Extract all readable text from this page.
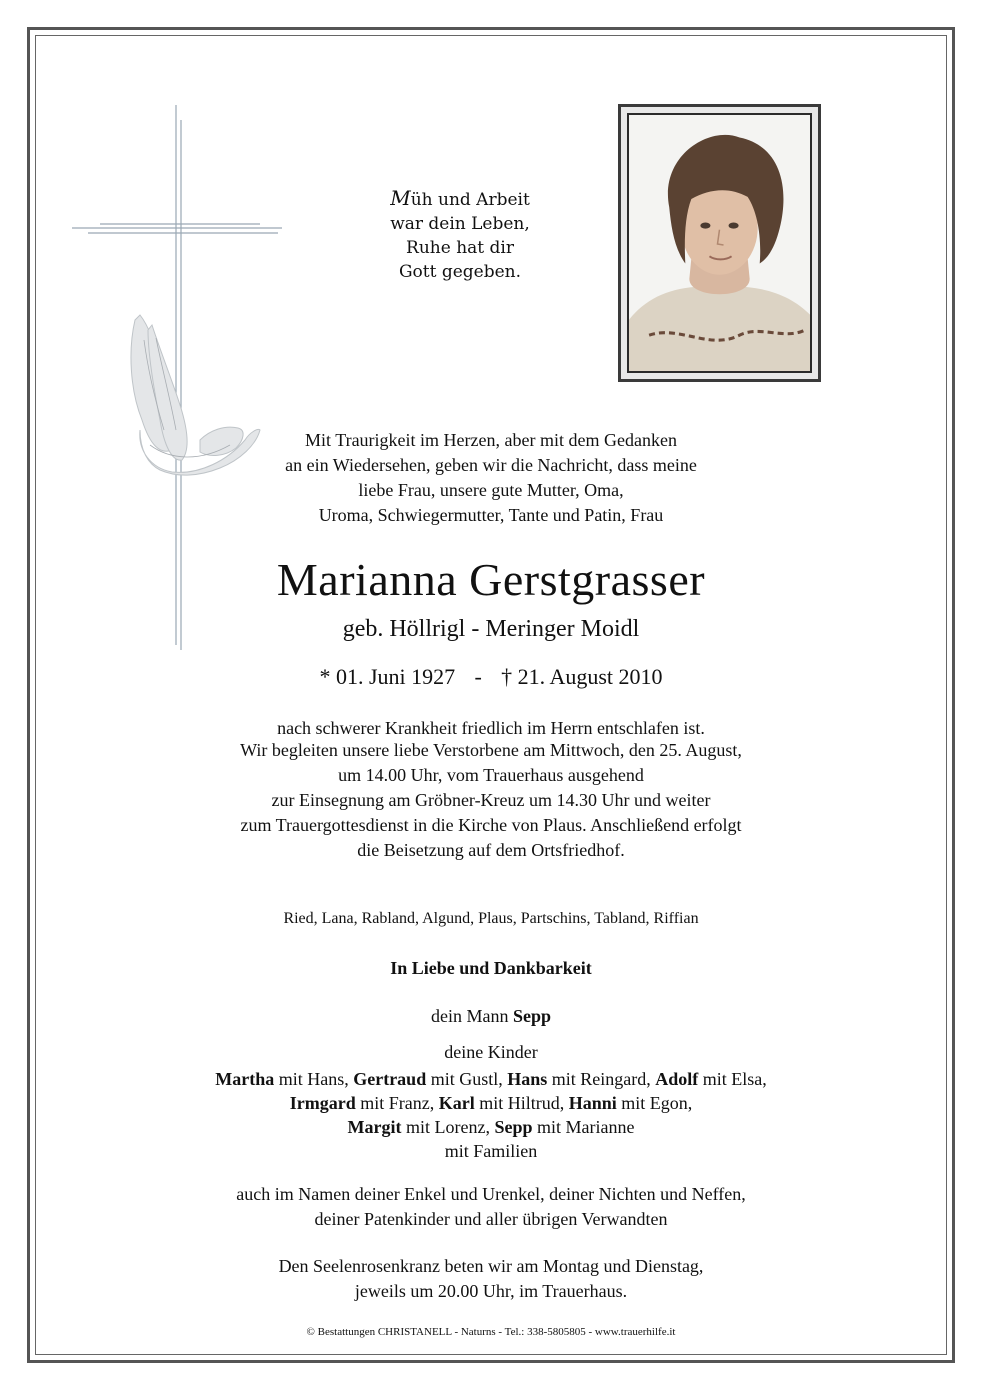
Müh und Arbeit
war dein Leben,
Ruhe hat dir
Gott gegeben.
Mit Traurigkeit im Herzen, aber mit dem Gedanken
an ein Wiedersehen, geben wir die Nachricht, dass meine
liebe Frau, unsere gute Mutter, Oma,
Uroma, Schwiegermutter, Tante und Patin, Frau
Marianna Gerstgrasser
geb. Höllrigl - Meringer Moidl
* 01. Juni 1927 - † 21. August 2010
nach schwerer Krankheit friedlich im Herrn entschlafen ist.
Wir begleiten unsere liebe Verstorbene am Mittwoch, den 25. August,
um 14.00 Uhr, vom Trauerhaus ausgehend
zur Einsegnung am Gröbner-Kreuz um 14.30 Uhr und weiter
zum Trauergottesdienst in die Kirche von Plaus. Anschließend erfolgt
die Beisetzung auf dem Ortsfriedhof.
Ried, Lana, Rabland, Algund, Plaus, Partschins, Tabland, Riffian
In Liebe und Dankbarkeit
dein Mann Sepp
deine Kinder
Martha mit Hans, Gertraud mit Gustl, Hans mit Reingard, Adolf mit Elsa,
Irmgard mit Franz, Karl mit Hiltrud, Hanni mit Egon,
Margit mit Lorenz, Sepp mit Marianne
mit Familien
auch im Namen deiner Enkel und Urenkel, deiner Nichten und Neffen,
deiner Patenkinder und aller übrigen Verwandten
Den Seelenrosenkranz beten wir am Montag und Dienstag,
jeweils um 20.00 Uhr, im Trauerhaus.
© Bestattungen CHRISTANELL - Naturns - Tel.: 338-5805805 - www.trauerhilfe.it
